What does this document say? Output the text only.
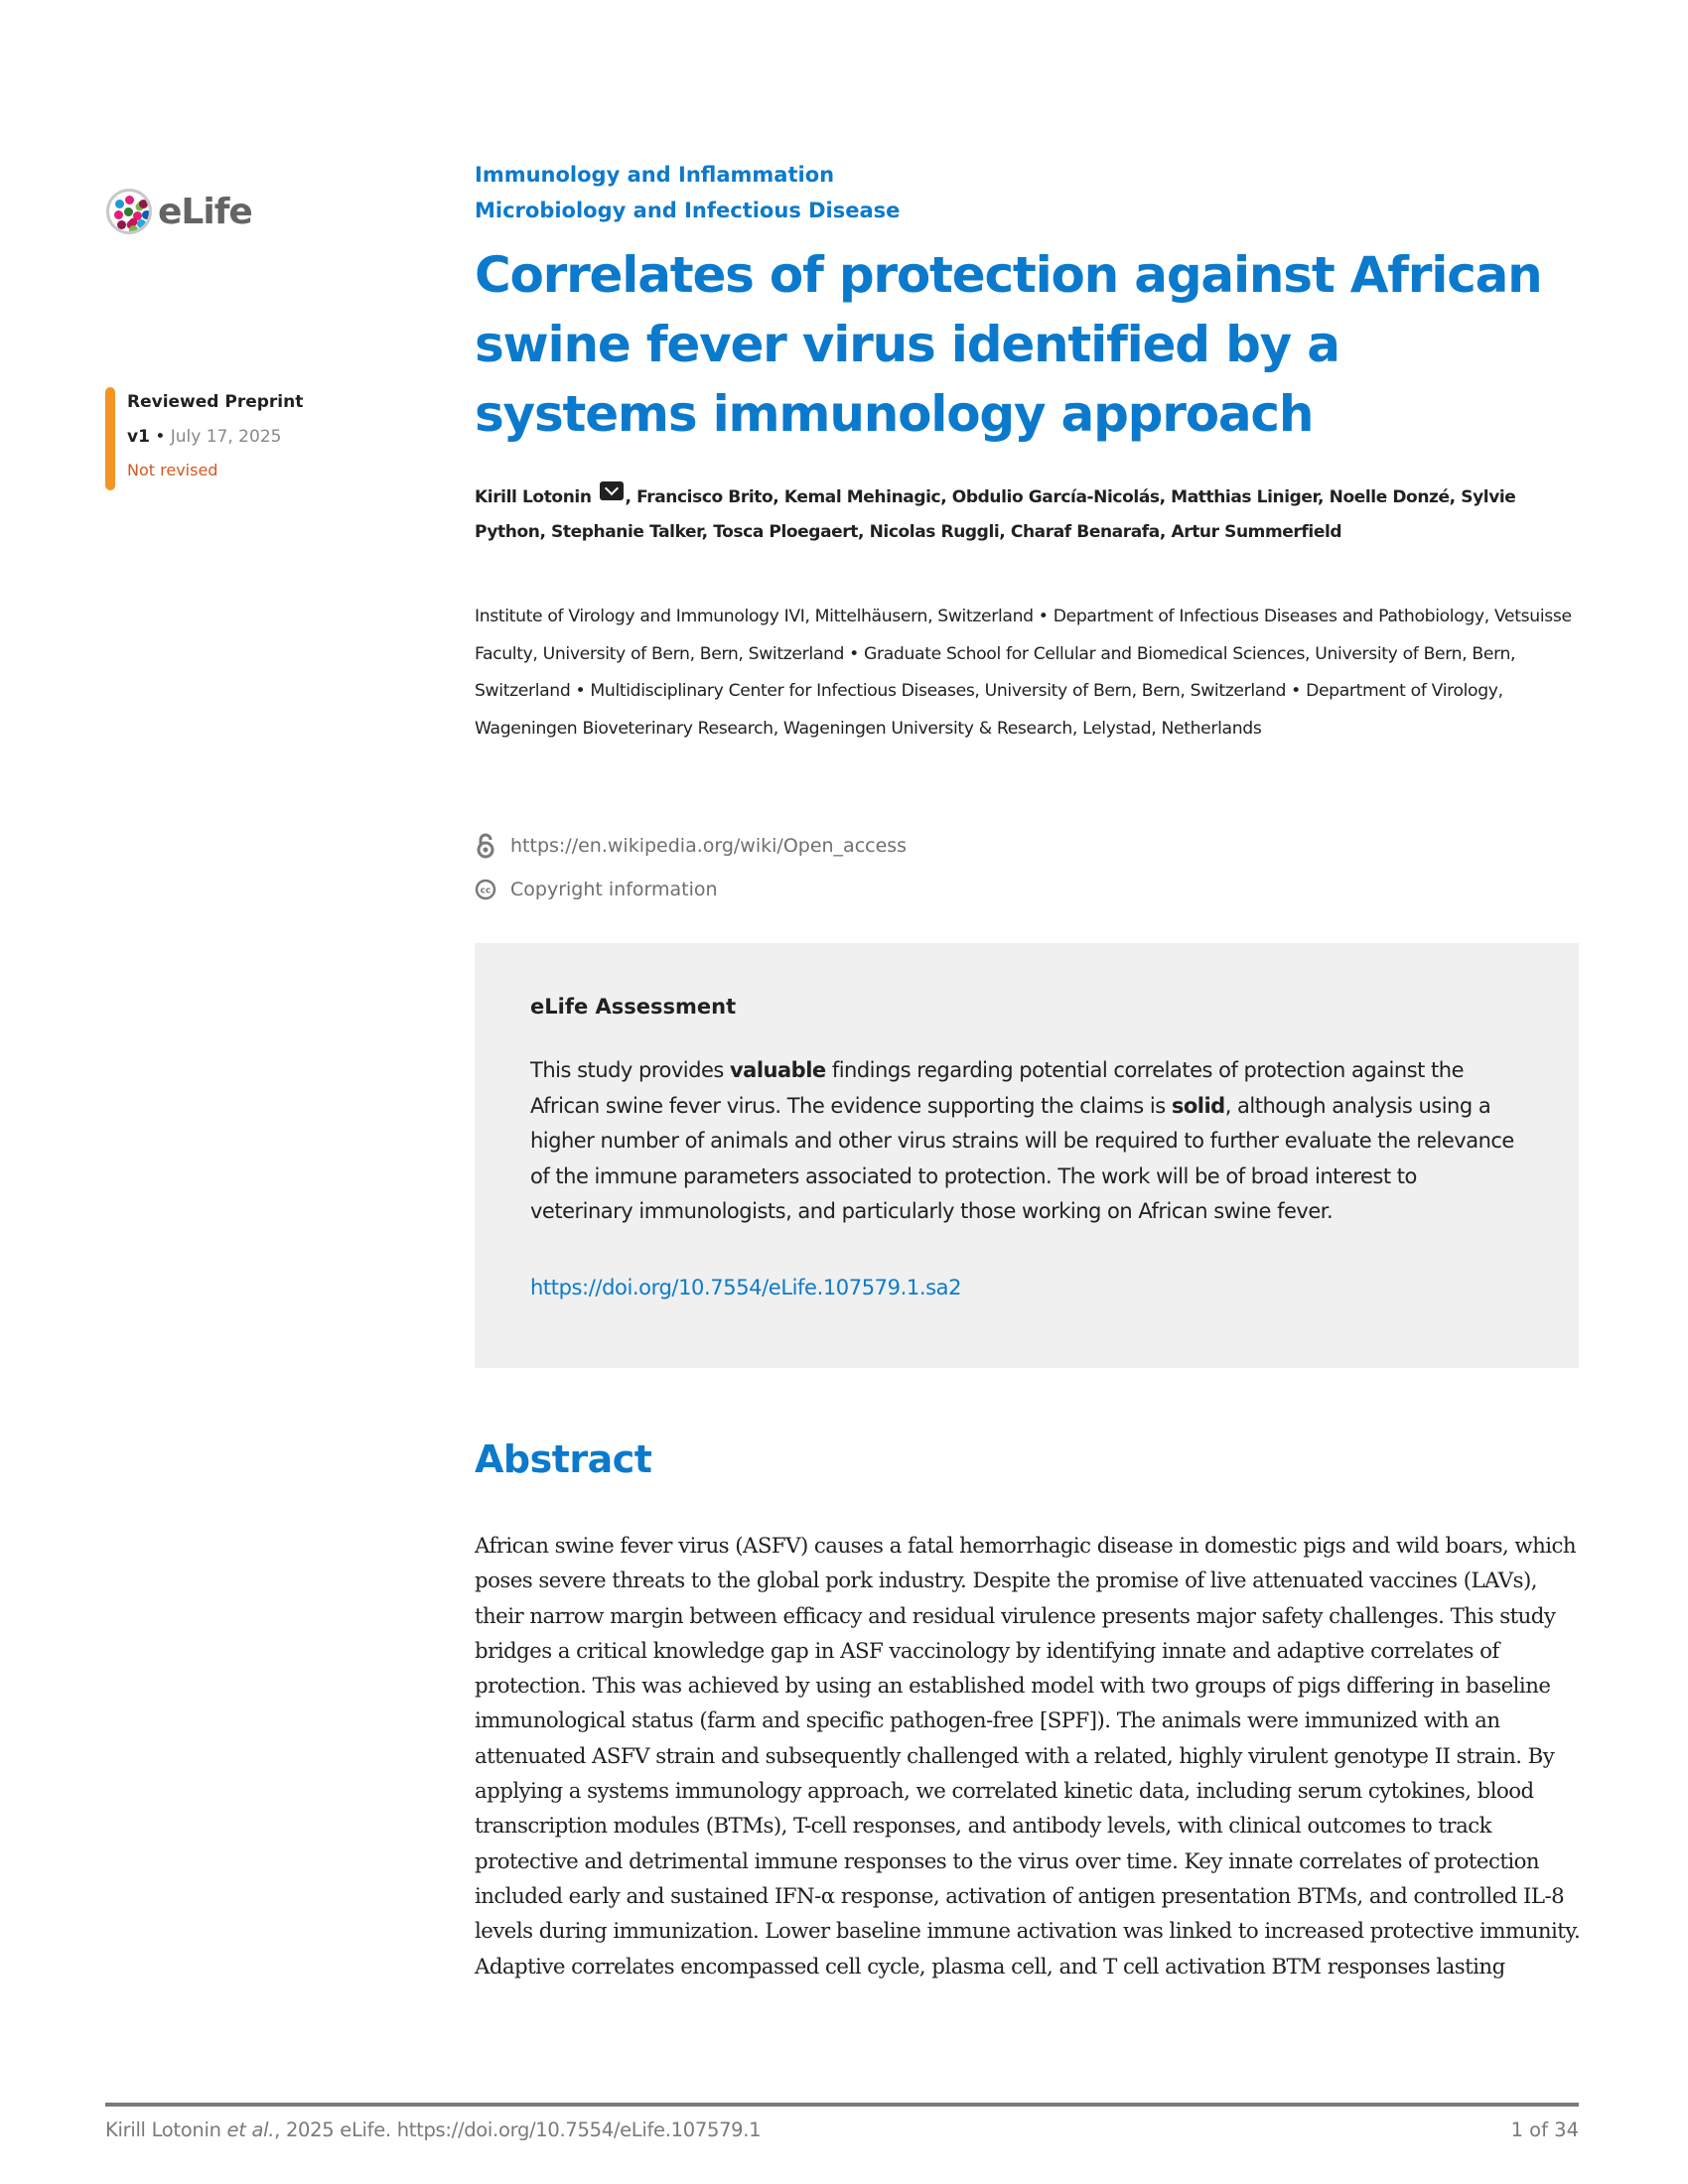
eLife
Reviewed Preprint
v1 • July 17, 2025
Not revised
Immunology and Inflammation
Microbiology and Infectious Disease
Correlates of protection against African swine fever virus identified by a systems immunology approach
Kirill Lotonin , Francisco Brito, Kemal Mehinagic, Obdulio García-Nicolás, Matthias Liniger, Noelle Donzé, Sylvie Python, Stephanie Talker, Tosca Ploegaert, Nicolas Ruggli, Charaf Benarafa, Artur Summerfield
Institute of Virology and Immunology IVI, Mittelhäusern, Switzerland • Department of Infectious Diseases and Pathobiology, Vetsuisse Faculty, University of Bern, Bern, Switzerland • Graduate School for Cellular and Biomedical Sciences, University of Bern, Bern, Switzerland • Multidisciplinary Center for Infectious Diseases, University of Bern, Bern, Switzerland • Department of Virology, Wageningen Bioveterinary Research, Wageningen University & Research, Lelystad, Netherlands
https://en.wikipedia.org/wiki/Open_access
cc Copyright information
eLife Assessment

This study provides valuable findings regarding potential correlates of protection against the African swine fever virus. The evidence supporting the claims is solid, although analysis using a higher number of animals and other virus strains will be required to further evaluate the relevance of the immune parameters associated to protection. The work will be of broad interest to veterinary immunologists, and particularly those working on African swine fever.

https://doi.org/10.7554/eLife.107579.1.sa2
Abstract

African swine fever virus (ASFV) causes a fatal hemorrhagic disease in domestic pigs and wild boars, which poses severe threats to the global pork industry. Despite the promise of live attenuated vaccines (LAVs), their narrow margin between efficacy and residual virulence presents major safety challenges. This study bridges a critical knowledge gap in ASF vaccinology by identifying innate and adaptive correlates of protection. This was achieved by using an established model with two groups of pigs differing in baseline immunological status (farm and specific pathogen-free [SPF]). The animals were immunized with an attenuated ASFV strain and subsequently challenged with a related, highly virulent genotype II strain. By applying a systems immunology approach, we correlated kinetic data, including serum cytokines, blood transcription modules (BTMs), T-cell responses, and antibody levels, with clinical outcomes to track protective and detrimental immune responses to the virus over time. Key innate correlates of protection included early and sustained IFN-α response, activation of antigen presentation BTMs, and controlled IL-8 levels during immunization. Lower baseline immune activation was linked to increased protective immunity. Adaptive correlates encompassed cell cycle, plasma cell, and T cell activation BTM responses lasting

Kirill Lotonin et al., 2025 eLife. https://doi.org/10.7554/eLife.107579.1	1 of 34
